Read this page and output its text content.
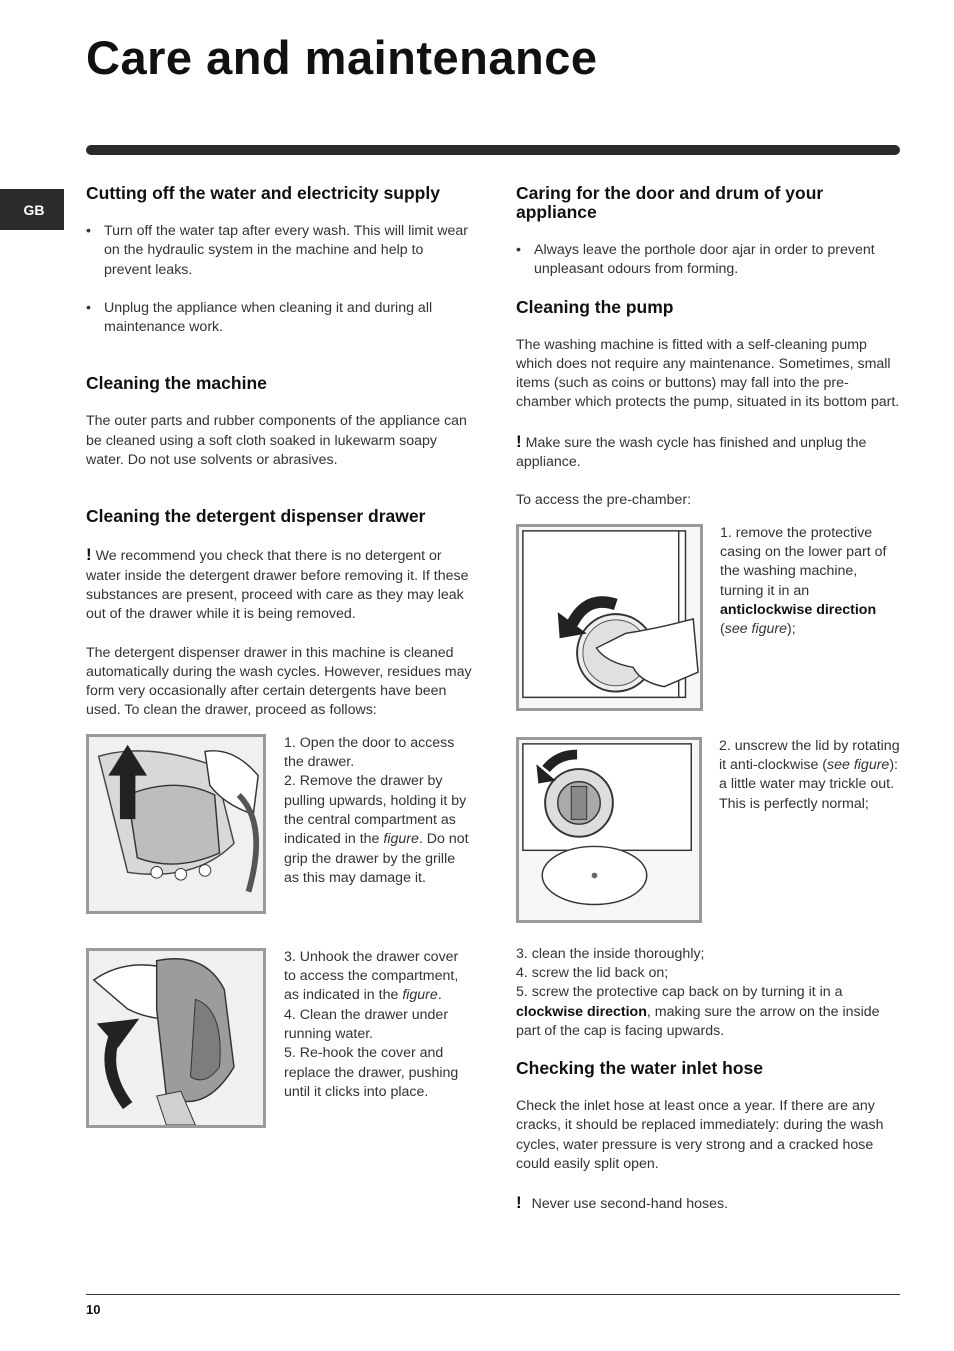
Care and maintenance
GB
Cutting off the water and electricity supply
• Turn off the water tap after every wash. This will limit wear on the hydraulic system in the machine and help to prevent leaks.
• Unplug the appliance when cleaning it and during all maintenance work.
Cleaning the machine

The outer parts and rubber components of the appliance can be cleaned using a soft cloth soaked in lukewarm soapy water. Do not use solvents or abrasives.

Cleaning the detergent dispenser drawer

! We recommend you check that there is no detergent or water inside the detergent drawer before removing it. If these substances are present, proceed with care as they may leak out of the drawer while it is being removed.

The detergent dispenser drawer in this machine is cleaned automatically during the wash cycles. However, residues may form very occasionally after certain detergents have been used. To clean the drawer, proceed as follows:

1. Open the door to access the drawer.

2. Remove the drawer by pulling upwards, holding it by the central compartment as indicated in the figure. Do not grip the drawer by the grille as this may damage it.

3. Unhook the drawer cover to access the compartment, as indicated in the figure.

4. Clean the drawer under running water.

5. Re-hook the cover and replace the drawer, pushing until it clicks into place.

Caring for the door and drum of your appliance
• Always leave the porthole door ajar in order to prevent unpleasant odours from forming.
Cleaning the pump

The washing machine is fitted with a self-cleaning pump which does not require any maintenance. Sometimes, small items (such as coins or buttons) may fall into the pre-chamber which protects the pump, situated in its bottom part.

! Make sure the wash cycle has finished and unplug the appliance.

To access the pre-chamber:

1. remove the protective casing on the lower part of the washing machine, turning it in an anticlockwise direction (see figure);

2. unscrew the lid by rotating it anti-clockwise (see figure): a little water may trickle out. This is perfectly normal;

3. clean the inside thoroughly;

4. screw the lid back on;

5. screw the protective cap back on by turning it in a clockwise direction, making sure the arrow on the inside part of the cap is facing upwards.

Checking the water inlet hose

Check the inlet hose at least once a year. If there are any cracks, it should be replaced immediately: during the wash cycles, water pressure is very strong and a cracked hose could easily split open.

! Never use second-hand hoses.

10
